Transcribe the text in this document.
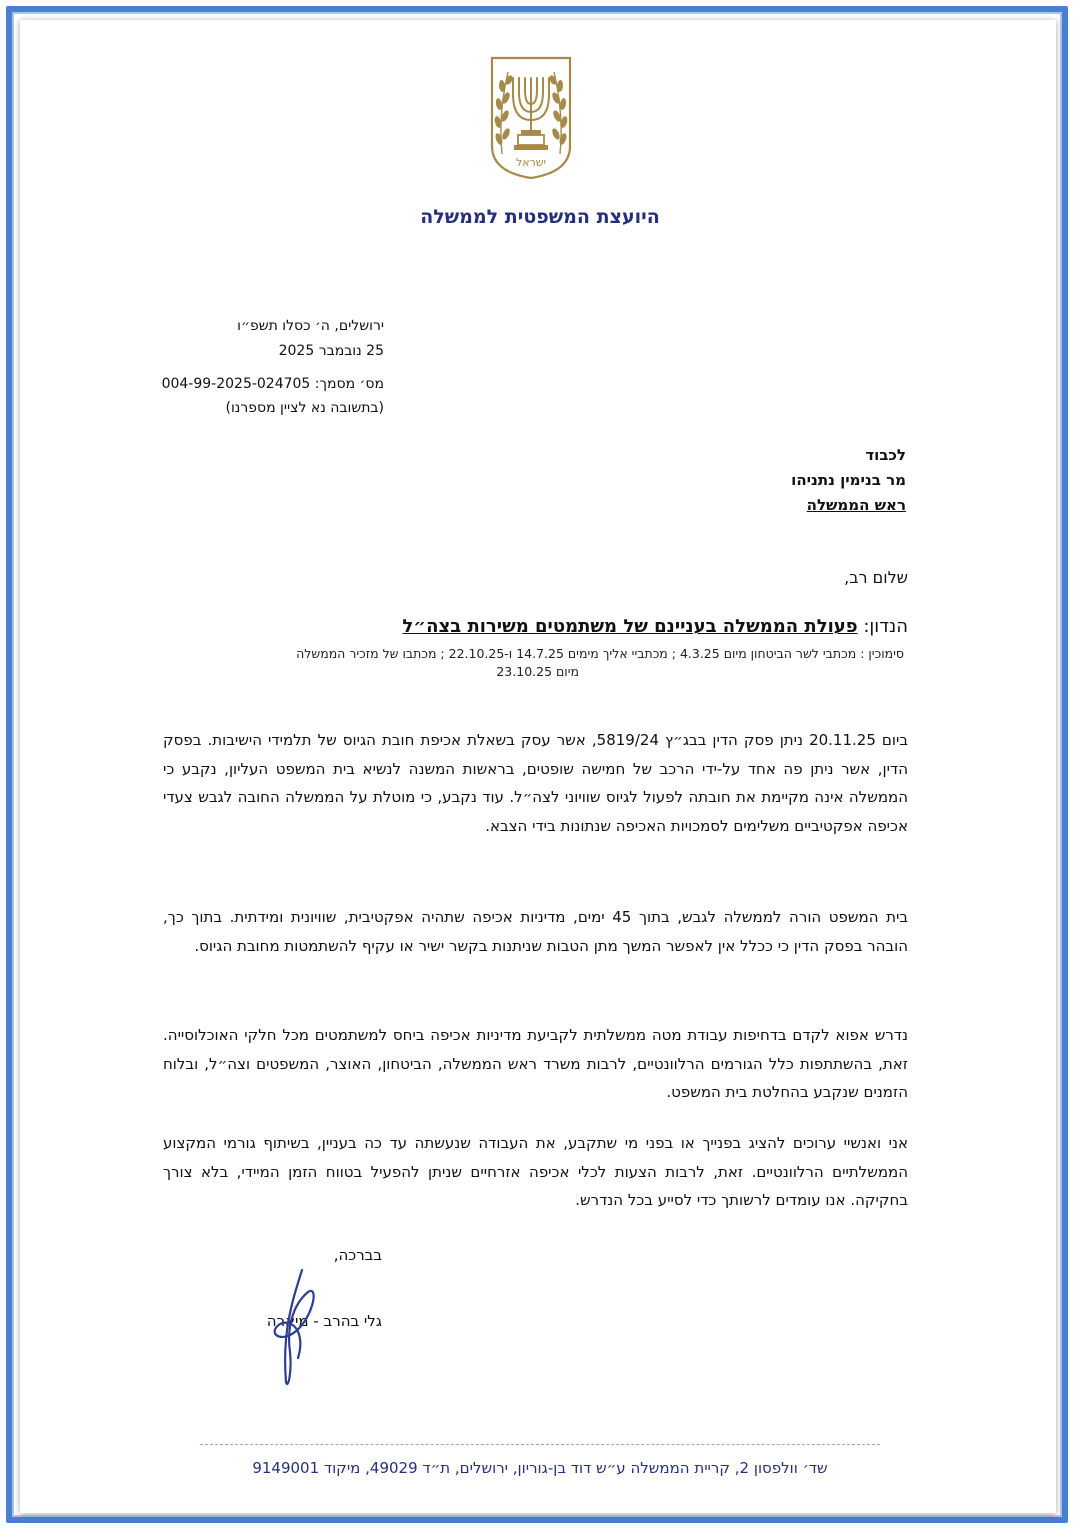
ישראל
היועצת המשפטית לממשלה
ירושלים, ה׳ כסלו תשפ״ו
25 נובמבר 2025
מס׳ מסמך: 004-99-2025-024705
(בתשובה נא לציין מספרנו)
לכבוד
מר בנימין נתניהו
ראש הממשלה
שלום רב,
הנדון: פעולת הממשלה בעניינם של משתמטים משירות בצה״ל
סימוכין : מכתבי לשר הביטחון מיום 4.3.25 ; מכתביי אליך מימים 14.7.25 ו-22.10.25 ; מכתבו של מזכיר הממשלה
מיום 23.10.25
ביום 20.11.25 ניתן פסק הדין בבג״ץ 5819/24, אשר עסק בשאלת אכיפת חובת הגיוס של תלמידי הישיבות. בפסק הדין, אשר ניתן פה אחד על-ידי הרכב של חמישה שופטים, בראשות המשנה לנשיא בית המשפט העליון, נקבע כי הממשלה אינה מקיימת את חובתה לפעול לגיוס שוויוני לצה״ל. עוד נקבע, כי מוטלת על הממשלה החובה לגבש צעדי אכיפה אפקטיביים משלימים לסמכויות האכיפה שנתונות בידי הצבא.
בית המשפט הורה לממשלה לגבש, בתוך 45 ימים, מדיניות אכיפה שתהיה אפקטיבית, שוויונית ומידתית. בתוך כך, הובהר בפסק הדין כי ככלל אין לאפשר המשך מתן הטבות שניתנות בקשר ישיר או עקיף להשתמטות מחובת הגיוס.
נדרש אפוא לקדם בדחיפות עבודת מטה ממשלתית לקביעת מדיניות אכיפה ביחס למשתמטים מכל חלקי האוכלוסייה. זאת, בהשתתפות כלל הגורמים הרלוונטיים, לרבות משרד ראש הממשלה, הביטחון, האוצר, המשפטים וצה״ל, ובלוח הזמנים שנקבע בהחלטת בית המשפט.
אני ואנשיי ערוכים להציג בפנייך או בפני מי שתקבע, את העבודה שנעשתה עד כה בעניין, בשיתוף גורמי המקצוע הממשלתיים הרלוונטיים. זאת, לרבות הצעות לכלי אכיפה אזרחיים שניתן להפעיל בטווח הזמן המיידי, בלא צורך בחקיקה. אנו עומדים לרשותך כדי לסייע בכל הנדרש.
בברכה,
גלי בהרב - מיארה
שד׳ וולפסון 2, קריית הממשלה ע״ש דוד בן-גוריון, ירושלים, ת״ד 49029, מיקוד 9149001
